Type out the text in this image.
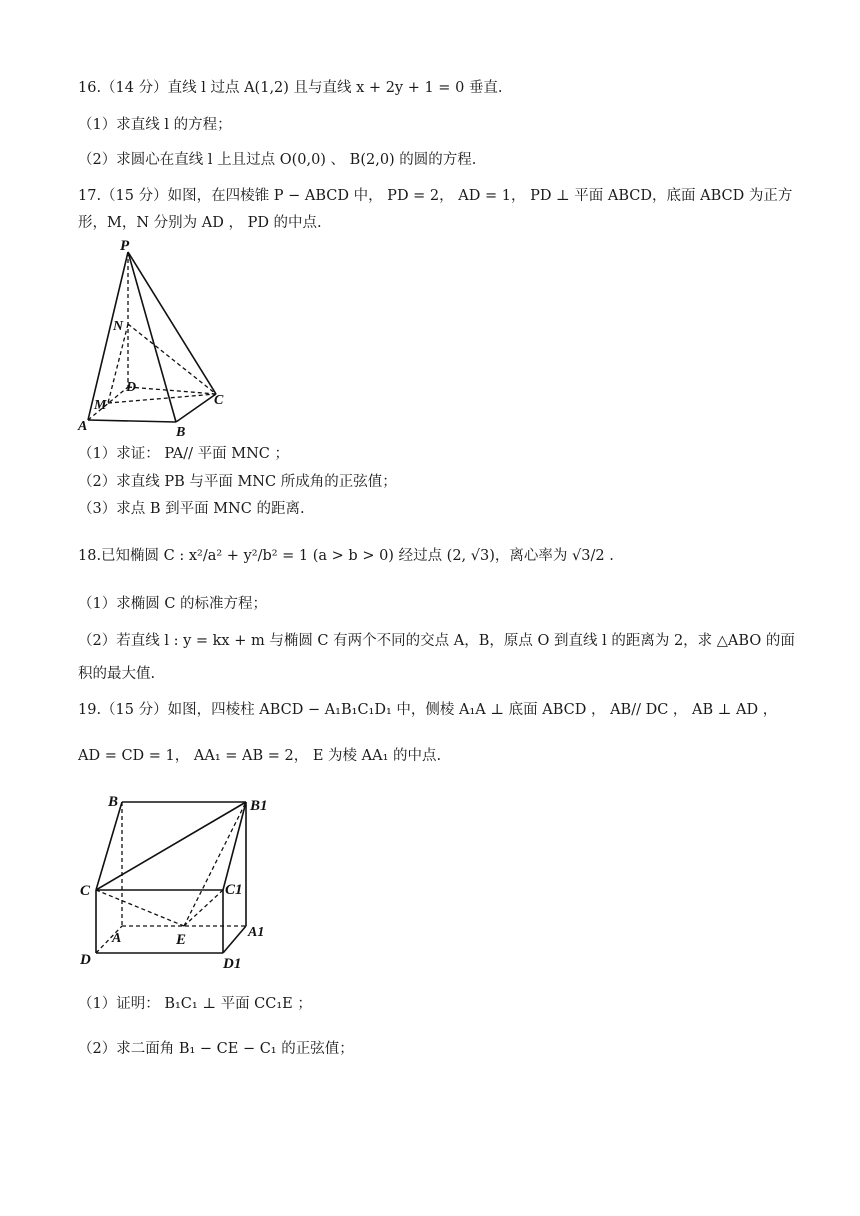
16.（14 分）直线 l 过点 A(1,2) 且与直线 x + 2y + 1 = 0 垂直.
（1）求直线 l 的方程；
（2）求圆心在直线 l 上且过点 O(0,0) 、 B(2,0) 的圆的方程.
17.（15 分）如图，在四棱锥 P − ABCD 中， PD = 2， AD = 1， PD ⊥ 平面 ABCD，底面 ABCD 为正方
形，M，N 分别为 AD ， PD 的中点.
P
N
D
M
A	B
C
（1）求证： PA// 平面 MNC ；
（2）求直线 PB 与平面 MNC 所成角的正弦值；
（3）求点 B 到平面 MNC 的距离.
18.已知椭圆 C : x²/a² + y²/b² = 1 (a > b > 0) 经过点 (2, √3)，离心率为 √3/2 .
（1）求椭圆 C 的标准方程；
（2）若直线 l : y = kx + m 与椭圆 C 有两个不同的交点 A，B，原点 O 到直线 l 的距离为 2，求 △ABO 的面
积的最大值.
19.（15 分）如图，四棱柱 ABCD − A₁B₁C₁D₁ 中，侧棱 A₁A ⊥ 底面 ABCD ， AB// DC ， AB ⊥ AD ，
AD = CD = 1， AA₁ = AB = 2， E 为棱 AA₁ 的中点.
B	B1
C	C1
A	E	A1
D	D1
（1）证明： B₁C₁ ⊥ 平面 CC₁E ；
（2）求二面角 B₁ − CE − C₁ 的正弦值；
